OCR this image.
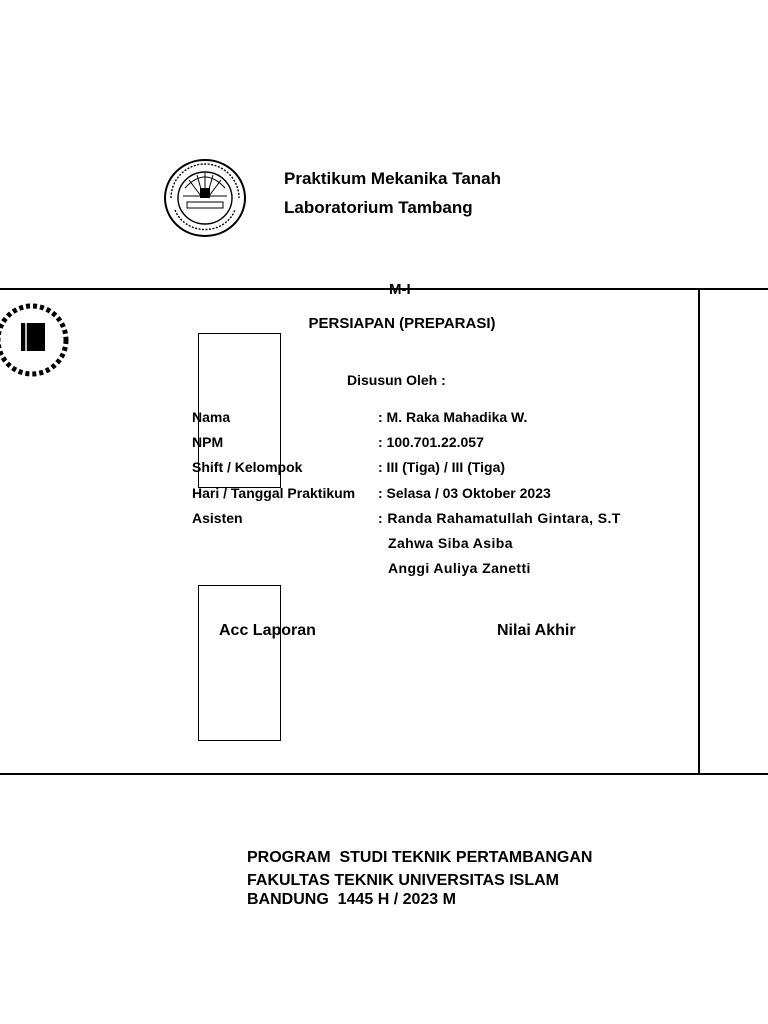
Praktikum Mekanika Tanah
Laboratorium Tambang
M-I
PERSIAPAN (PREPARASI)
Disusun Oleh :
Nama	: M. Raka Mahadika W.
NPM	: 100.701.22.057
Shift / Kelompok	: III (Tiga) / III (Tiga)
Hari / Tanggal Praktikum : Selasa / 03 Oktober 2023
Asisten	: Randa Rahamatullah Gintara, S.T
Zahwa Siba Asiba
Anggi Auliya Zanetti
Acc Laporan	Nilai Akhir
PROGRAM  STUDI TEKNIK PERTAMBANGAN
FAKULTAS TEKNIK UNIVERSITAS ISLAM
BANDUNG  1445 H / 2023 M
